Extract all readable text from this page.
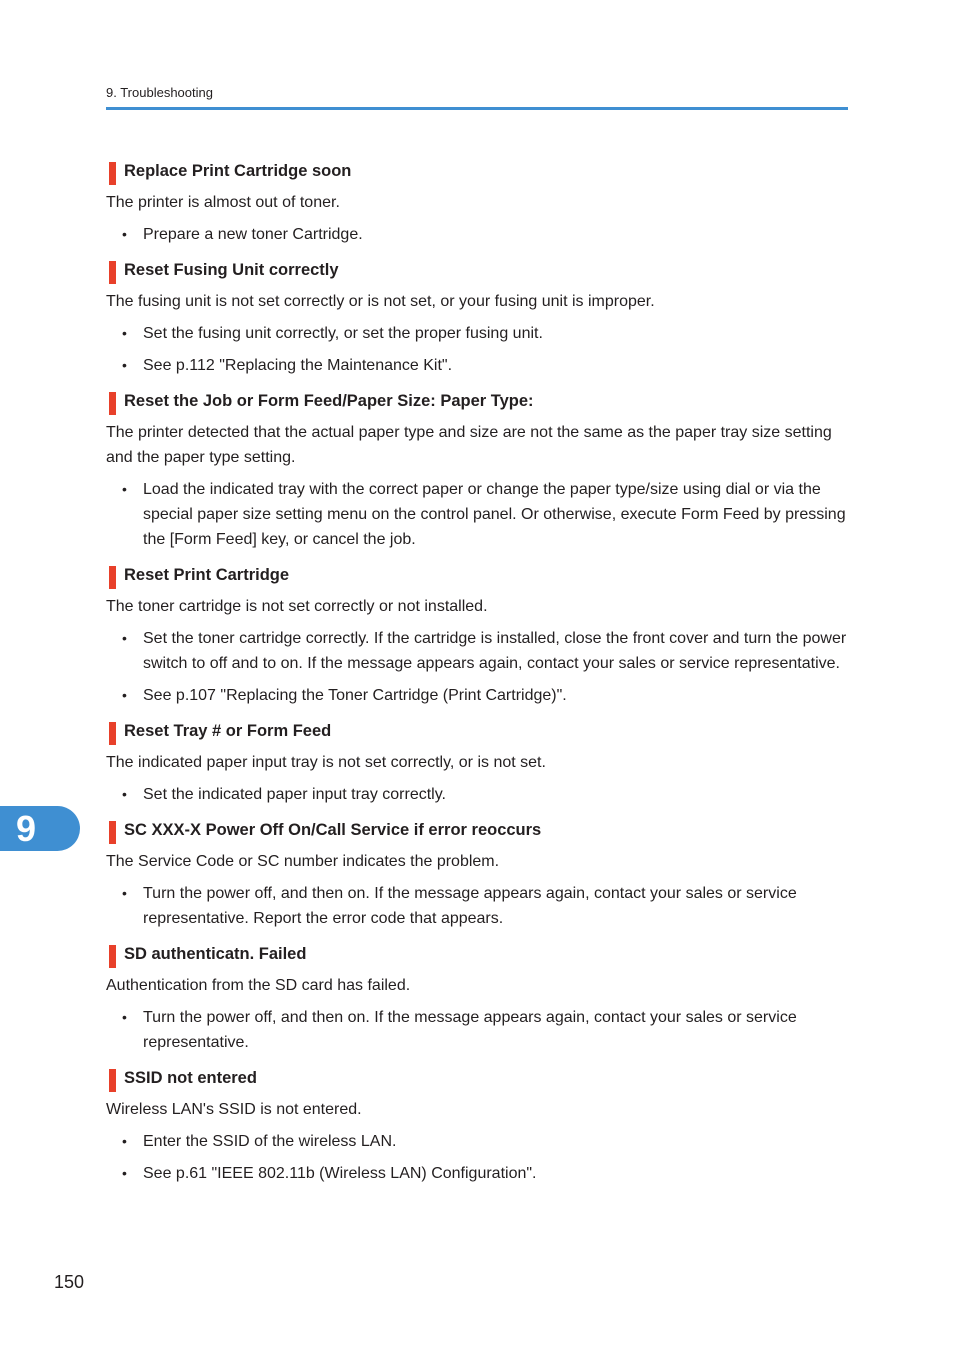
9. Troubleshooting
Replace Print Cartridge soon

The printer is almost out of toner.

• Prepare a new toner Cartridge.
Reset Fusing Unit correctly

The fusing unit is not set correctly or is not set, or your fusing unit is improper.

• Set the fusing unit correctly, or set the proper fusing unit.
• See p.112 "Replacing the Maintenance Kit".
Reset the Job or Form Feed/Paper Size: Paper Type:

The printer detected that the actual paper type and size are not the same as the paper tray size setting and the paper type setting.

• Load the indicated tray with the correct paper or change the paper type/size using dial or via the special paper size setting menu on the control panel. Or otherwise, execute Form Feed by pressing the [Form Feed] key, or cancel the job.
Reset Print Cartridge

The toner cartridge is not set correctly or not installed.

• Set the toner cartridge correctly. If the cartridge is installed, close the front cover and turn the power switch to off and to on. If the message appears again, contact your sales or service representative.
• See p.107 "Replacing the Toner Cartridge (Print Cartridge)".
Reset Tray # or Form Feed

The indicated paper input tray is not set correctly, or is not set.

• Set the indicated paper input tray correctly.
SC XXX-X Power Off On/Call Service if error reoccurs

The Service Code or SC number indicates the problem.

• Turn the power off, and then on. If the message appears again, contact your sales or service representative. Report the error code that appears.
SD authenticatn. Failed

Authentication from the SD card has failed.

• Turn the power off, and then on. If the message appears again, contact your sales or service representative.
SSID not entered

Wireless LAN's SSID is not entered.

• Enter the SSID of the wireless LAN.
• See p.61 "IEEE 802.11b (Wireless LAN) Configuration".
9
150
